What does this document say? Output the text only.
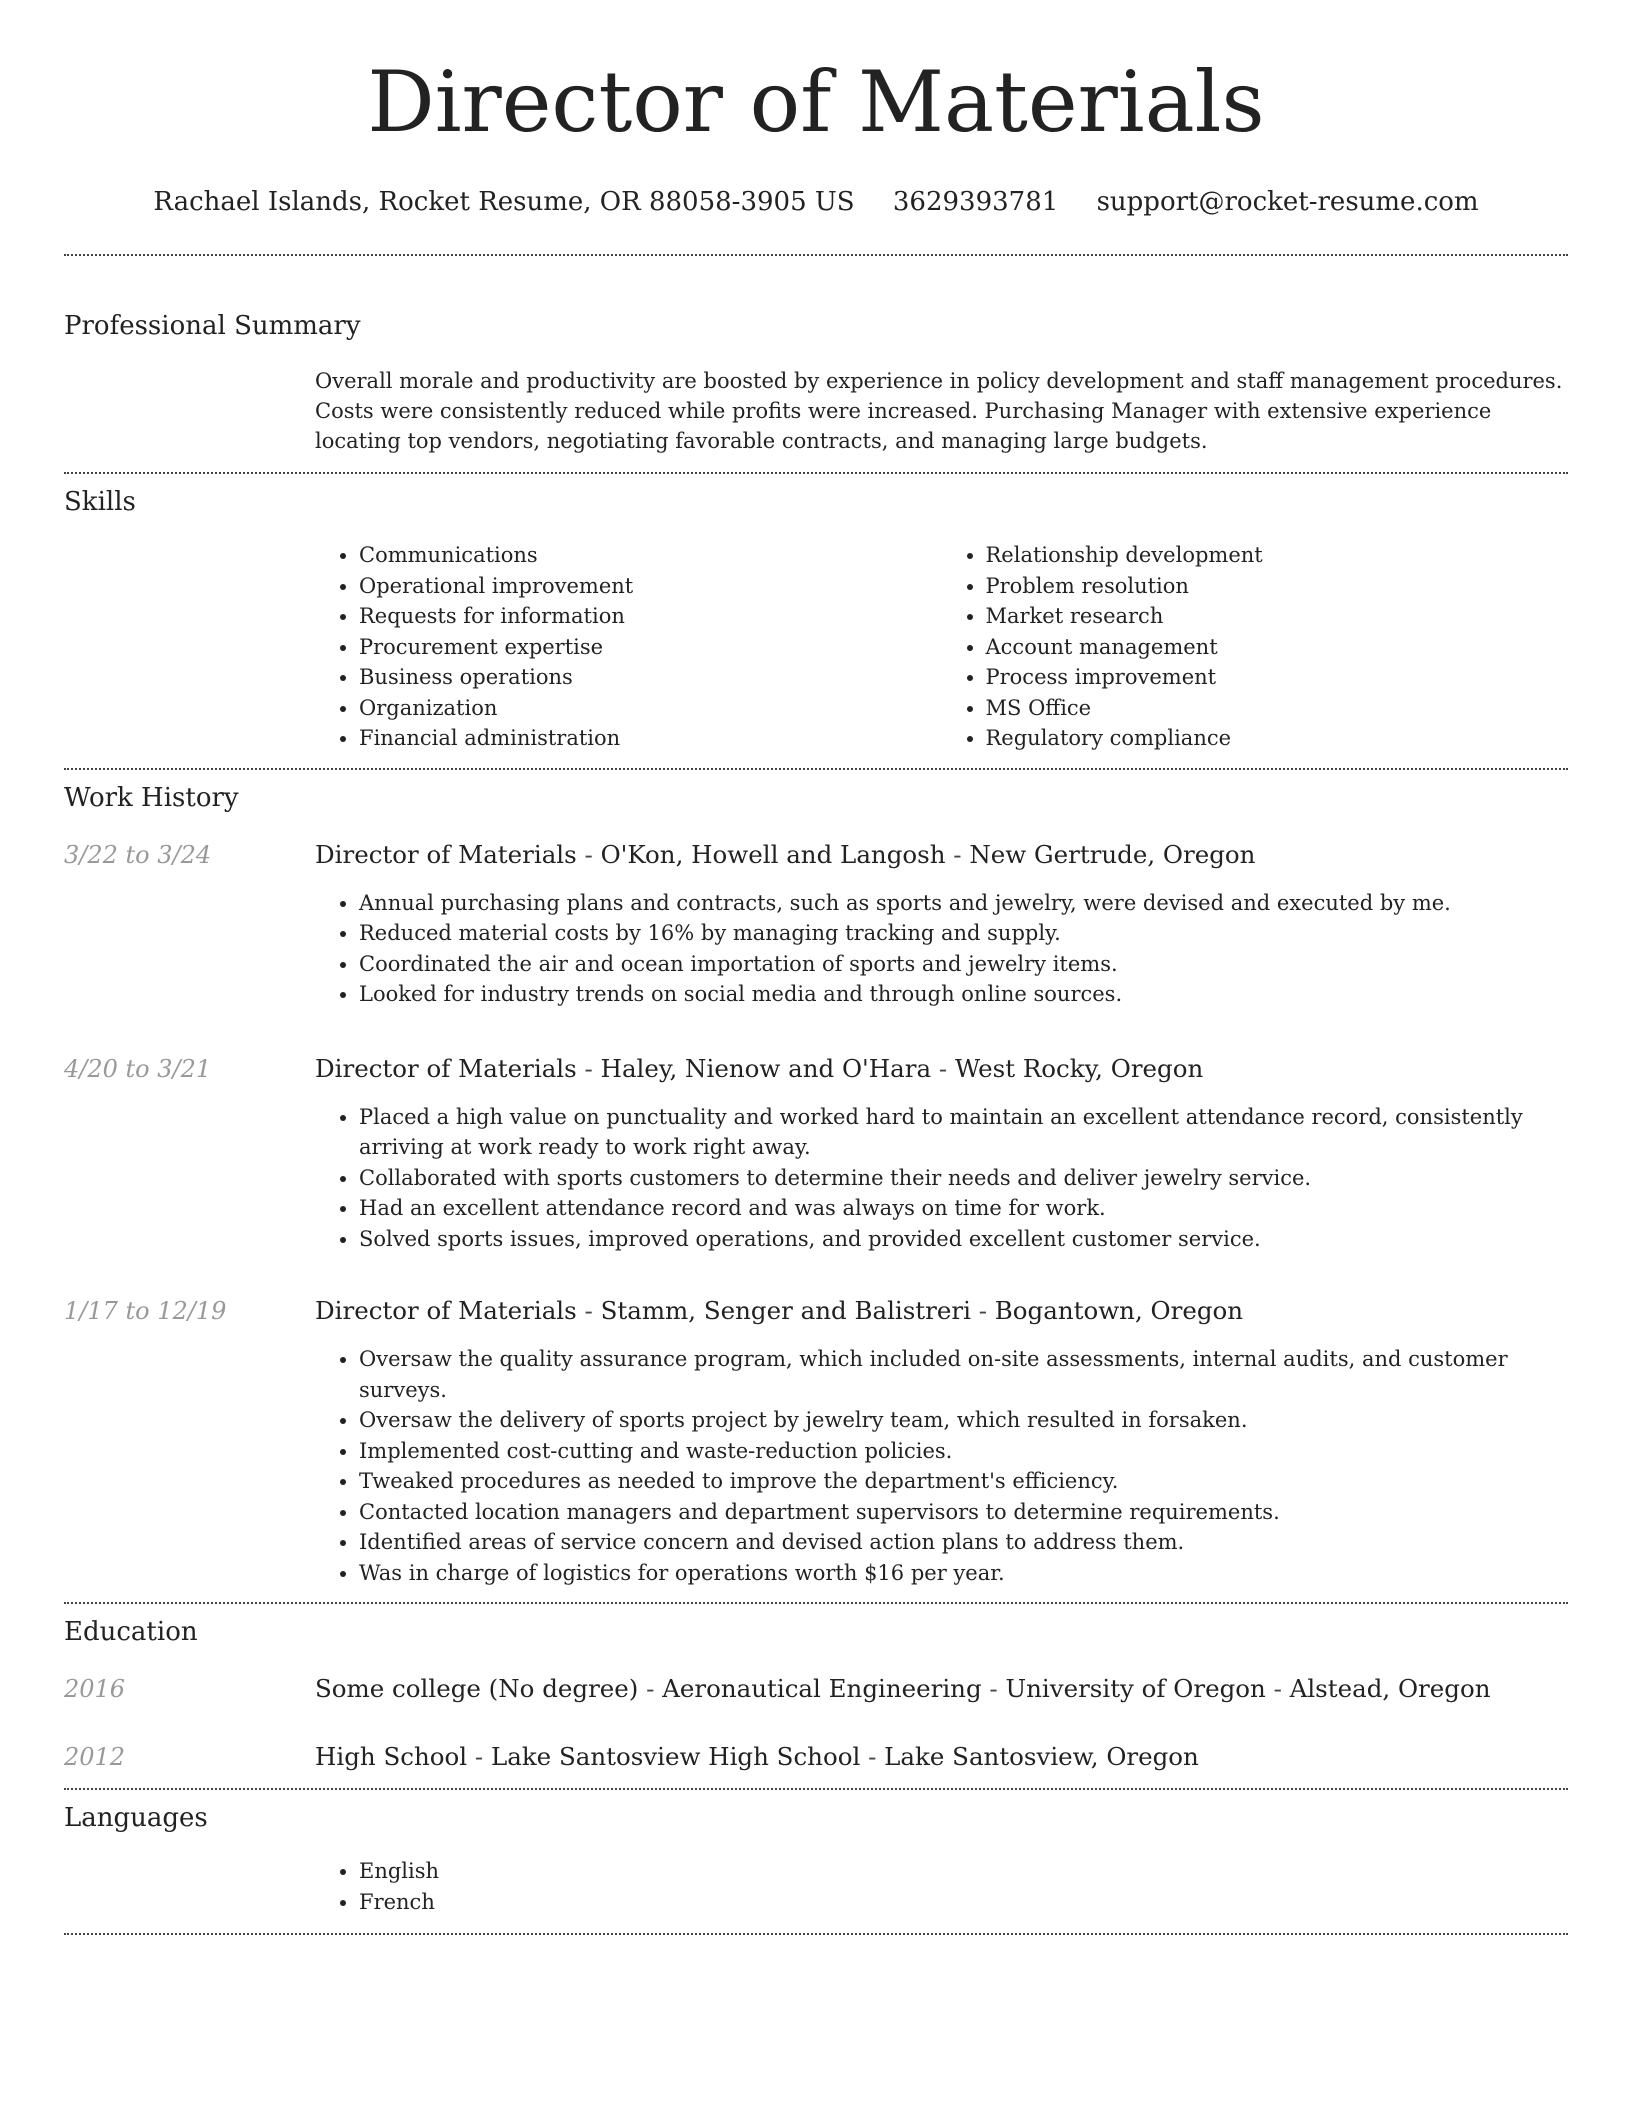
Director of Materials
Rachael Islands, Rocket Resume, OR 88058-3905 US 3629393781 support@rocket-resume.com
Professional Summary
Overall morale and productivity are boosted by experience in policy development and staff management procedures. Costs were consistently reduced while profits were increased. Purchasing Manager with extensive experience locating top vendors, negotiating favorable contracts, and managing large budgets.
Skills
• Communications
• Operational improvement
• Requests for information
• Procurement expertise
• Business operations
• Organization
• Financial administration
• Relationship development
• Problem resolution
• Market research
• Account management
• Process improvement
• MS Office
• Regulatory compliance
Work History
3/22 to 3/24	Director of Materials - O'Kon, Howell and Langosh - New Gertrude, Oregon
• Annual purchasing plans and contracts, such as sports and jewelry, were devised and executed by me.
• Reduced material costs by 16% by managing tracking and supply.
• Coordinated the air and ocean importation of sports and jewelry items.
• Looked for industry trends on social media and through online sources.
4/20 to 3/21	Director of Materials - Haley, Nienow and O'Hara - West Rocky, Oregon
• Placed a high value on punctuality and worked hard to maintain an excellent attendance record, consistently arriving at work ready to work right away.
• Collaborated with sports customers to determine their needs and deliver jewelry service.
• Had an excellent attendance record and was always on time for work.
• Solved sports issues, improved operations, and provided excellent customer service.
1/17 to 12/19	Director of Materials - Stamm, Senger and Balistreri - Bogantown, Oregon
• Oversaw the quality assurance program, which included on-site assessments, internal audits, and customer surveys.
• Oversaw the delivery of sports project by jewelry team, which resulted in forsaken.
• Implemented cost-cutting and waste-reduction policies.
• Tweaked procedures as needed to improve the department's efficiency.
• Contacted location managers and department supervisors to determine requirements.
• Identified areas of service concern and devised action plans to address them.
• Was in charge of logistics for operations worth $16 per year.
Education
2016	Some college (No degree) - Aeronautical Engineering - University of Oregon - Alstead, Oregon
2012	High School - Lake Santosview High School - Lake Santosview, Oregon
Languages
• English
• French
